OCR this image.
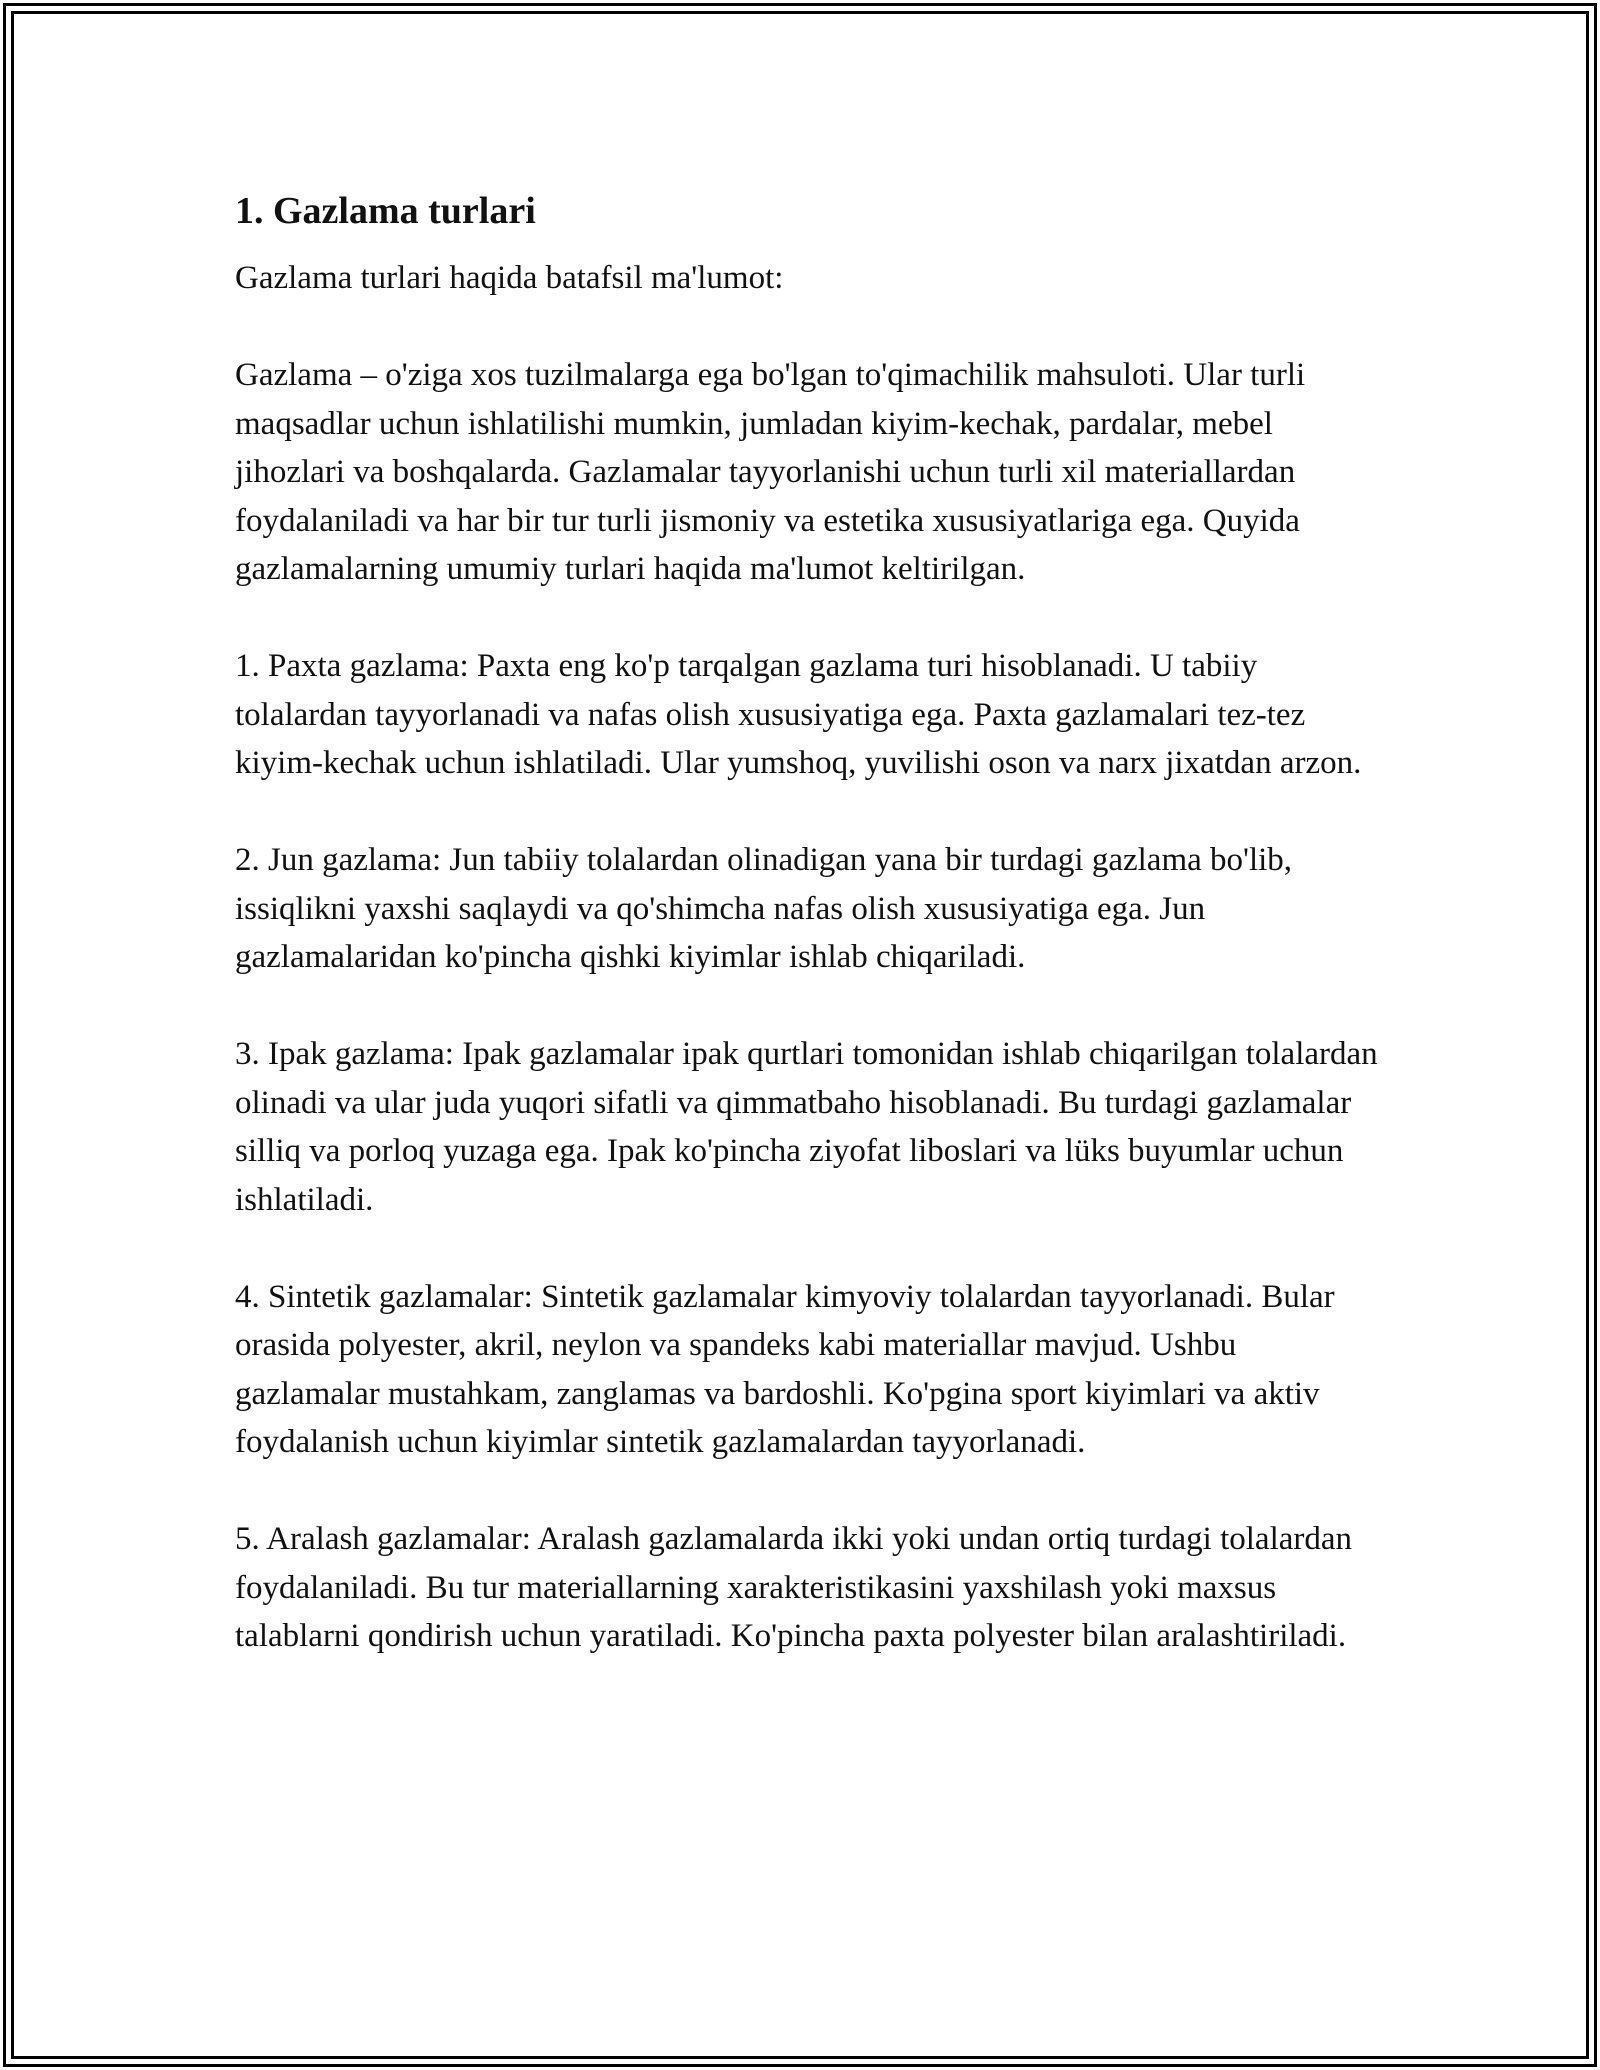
1. Gazlama turlari

Gazlama turlari haqida batafsil ma'lumot:

Gazlama – o'ziga xos tuzilmalarga ega bo'lgan to'qimachilik mahsuloti. Ular turli maqsadlar uchun ishlatilishi mumkin, jumladan kiyim-kechak, pardalar, mebel jihozlari va boshqalarda. Gazlamalar tayyorlanishi uchun turli xil materiallardan foydalaniladi va har bir tur turli jismoniy va estetika xususiyatlariga ega. Quyida gazlamalarning umumiy turlari haqida ma'lumot keltirilgan.

1. Paxta gazlama: Paxta eng ko'p tarqalgan gazlama turi hisoblanadi. U tabiiy tolalardan tayyorlanadi va nafas olish xususiyatiga ega. Paxta gazlamalari tez-tez kiyim-kechak uchun ishlatiladi. Ular yumshoq, yuvilishi oson va narx jixatdan arzon.

2. Jun gazlama: Jun tabiiy tolalardan olinadigan yana bir turdagi gazlama bo'lib, issiqlikni yaxshi saqlaydi va qo'shimcha nafas olish xususiyatiga ega. Jun gazlamalaridan ko'pincha qishki kiyimlar ishlab chiqariladi.

3. Ipak gazlama: Ipak gazlamalar ipak qurtlari tomonidan ishlab chiqarilgan tolalardan olinadi va ular juda yuqori sifatli va qimmatbaho hisoblanadi. Bu turdagi gazlamalar silliq va porloq yuzaga ega. Ipak ko'pincha ziyofat liboslari va lüks buyumlar uchun ishlatiladi.

4. Sintetik gazlamalar: Sintetik gazlamalar kimyoviy tolalardan tayyorlanadi. Bular orasida polyester, akril, neylon va spandeks kabi materiallar mavjud. Ushbu gazlamalar mustahkam, zanglamas va bardoshli. Ko'pgina sport kiyimlari va aktiv foydalanish uchun kiyimlar sintetik gazlamalardan tayyorlanadi.

5. Aralash gazlamalar: Aralash gazlamalarda ikki yoki undan ortiq turdagi tolalardan foydalaniladi. Bu tur materiallarning xarakteristikasini yaxshilash yoki maxsus talablarni qondirish uchun yaratiladi. Ko'pincha paxta polyester bilan aralashtiriladi.
